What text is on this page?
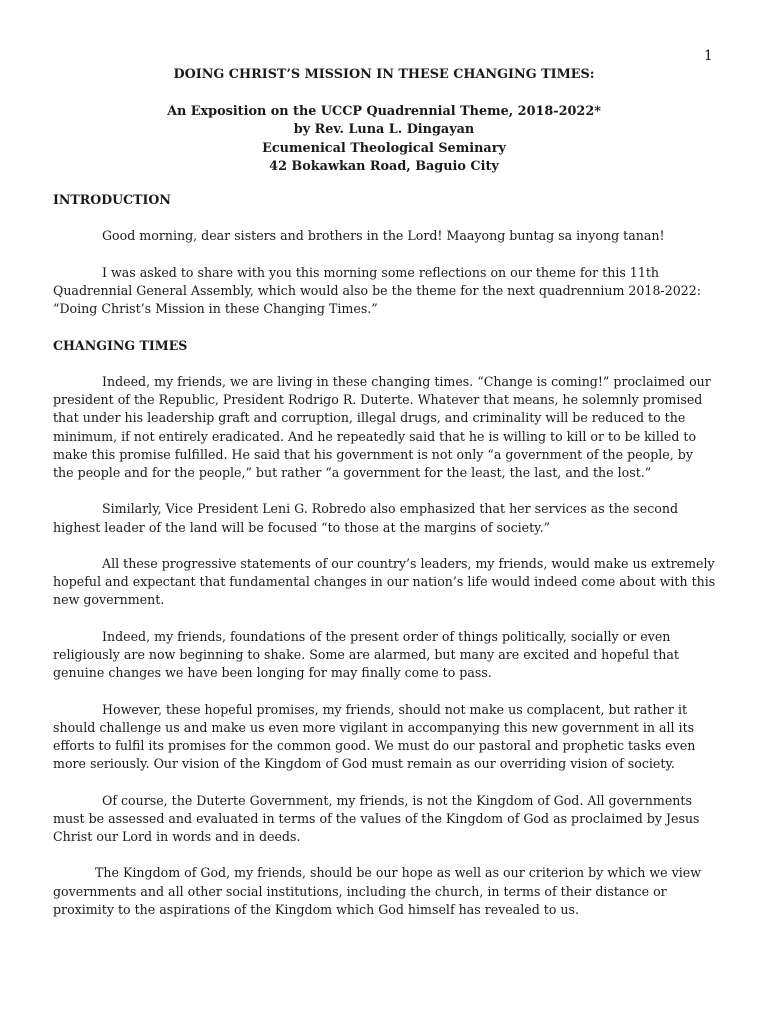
1
DOING CHRIST’S MISSION IN THESE CHANGING TIMES:
An Exposition on the UCCP Quadrennial Theme, 2018-2022*
by Rev. Luna L. Dingayan
Ecumenical Theological Seminary
42 Bokawkan Road, Baguio City
INTRODUCTION

Good morning, dear sisters and brothers in the Lord! Maayong buntag sa inyong tanan!

I was asked to share with you this morning some reflections on our theme for this 11th Quadrennial General Assembly, which would also be the theme for the next quadrennium 2018-2022: “Doing Christ’s Mission in these Changing Times.”

CHANGING TIMES

Indeed, my friends, we are living in these changing times. “Change is coming!” proclaimed our president of the Republic, President Rodrigo R. Duterte. Whatever that means, he solemnly promised that under his leadership graft and corruption, illegal drugs, and criminality will be reduced to the minimum, if not entirely eradicated. And he repeatedly said that he is willing to kill or to be killed to make this promise fulfilled. He said that his government is not only “a government of the people, by the people and for the people,” but rather “a government for the least, the last, and the lost.”

Similarly, Vice President Leni G. Robredo also emphasized that her services as the second highest leader of the land will be focused “to those at the margins of society.”

All these progressive statements of our country’s leaders, my friends, would make us extremely hopeful and expectant that fundamental changes in our nation’s life would indeed come about with this new government.

Indeed, my friends, foundations of the present order of things politically, socially or even religiously are now beginning to shake. Some are alarmed, but many are excited and hopeful that genuine changes we have been longing for may finally come to pass.

However, these hopeful promises, my friends, should not make us complacent, but rather it should challenge us and make us even more vigilant in accompanying this new government in all its efforts to fulfil its promises for the common good. We must do our pastoral and prophetic tasks even more seriously. Our vision of the Kingdom of God must remain as our overriding vision of society.

Of course, the Duterte Government, my friends, is not the Kingdom of God. All governments must be assessed and evaluated in terms of the values of the Kingdom of God as proclaimed by Jesus Christ our Lord in words and in deeds.

The Kingdom of God, my friends, should be our hope as well as our criterion by which we view governments and all other social institutions, including the church, in terms of their distance or proximity to the aspirations of the Kingdom which God himself has revealed to us.
